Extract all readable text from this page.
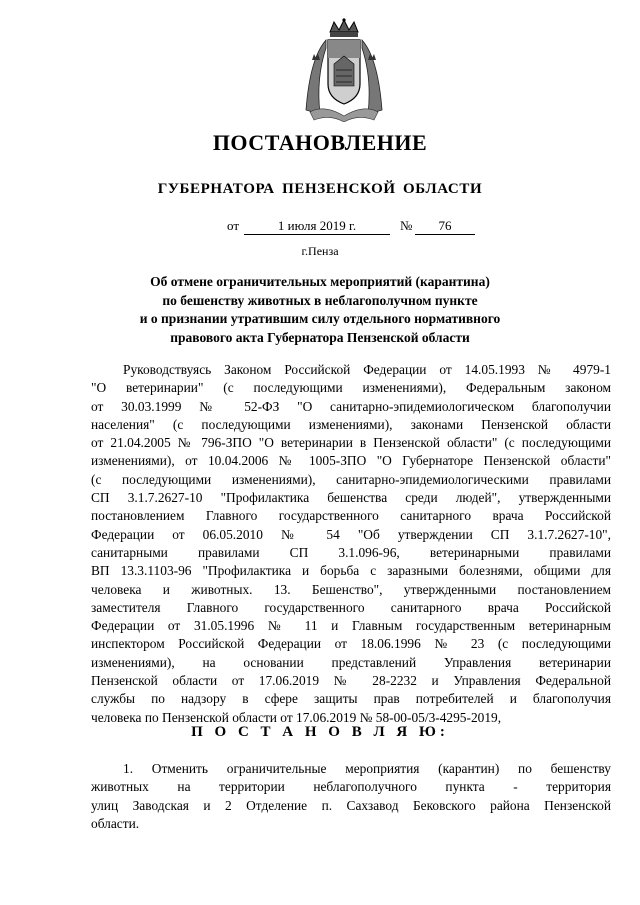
ПОСТАНОВЛЕНИЕ
ГУБЕРНАТОРА ПЕНЗЕНСКОЙ ОБЛАСТИ
от	1 июля 2019 г.	№	76
г.Пенза
Об отмене ограничительных мероприятий (карантина)
по бешенству животных в неблагополучном пункте
и о признании утратившим силу отдельного нормативного
правового акта Губернатора Пензенской области
Руководствуясь Законом Российской Федерации от 14.05.1993 № 4979-1
"О ветеринарии" (с последующими изменениями), Федеральным законом
от 30.03.1999 № 52-ФЗ "О санитарно-эпидемиологическом благополучии
населения" (с последующими изменениями), законами Пензенской области
от 21.04.2005 № 796-ЗПО "О ветеринарии в Пензенской области" (с последующими
изменениями), от 10.04.2006 № 1005-ЗПО "О Губернаторе Пензенской области"
(с последующими изменениями), санитарно-эпидемиологическими правилами
СП 3.1.7.2627-10 "Профилактика бешенства среди людей", утвержденными
постановлением Главного государственного санитарного врача Российской
Федерации от 06.05.2010 № 54 "Об утверждении СП 3.1.7.2627-10",
санитарными правилами СП 3.1.096-96, ветеринарными правилами
ВП 13.3.1103-96 "Профилактика и борьба с заразными болезнями, общими для
человека и животных. 13. Бешенство", утвержденными постановлением
заместителя Главного государственного санитарного врача Российской
Федерации от 31.05.1996 № 11 и Главным государственным ветеринарным
инспектором Российской Федерации от 18.06.1996 № 23 (с последующими
изменениями), на основании представлений Управления ветеринарии
Пензенской области от 17.06.2019 № 28-2232 и Управления Федеральной
службы по надзору в сфере защиты прав потребителей и благополучия
человека по Пензенской области от 17.06.2019 № 58-00-05/3-4295-2019,
П О С Т А Н О В Л Я Ю:
1. Отменить ограничительные мероприятия (карантин) по бешенству
животных на территории неблагополучного пункта - территория
улиц Заводская и 2 Отделение п. Сахзавод Бековского района Пензенской
области.
